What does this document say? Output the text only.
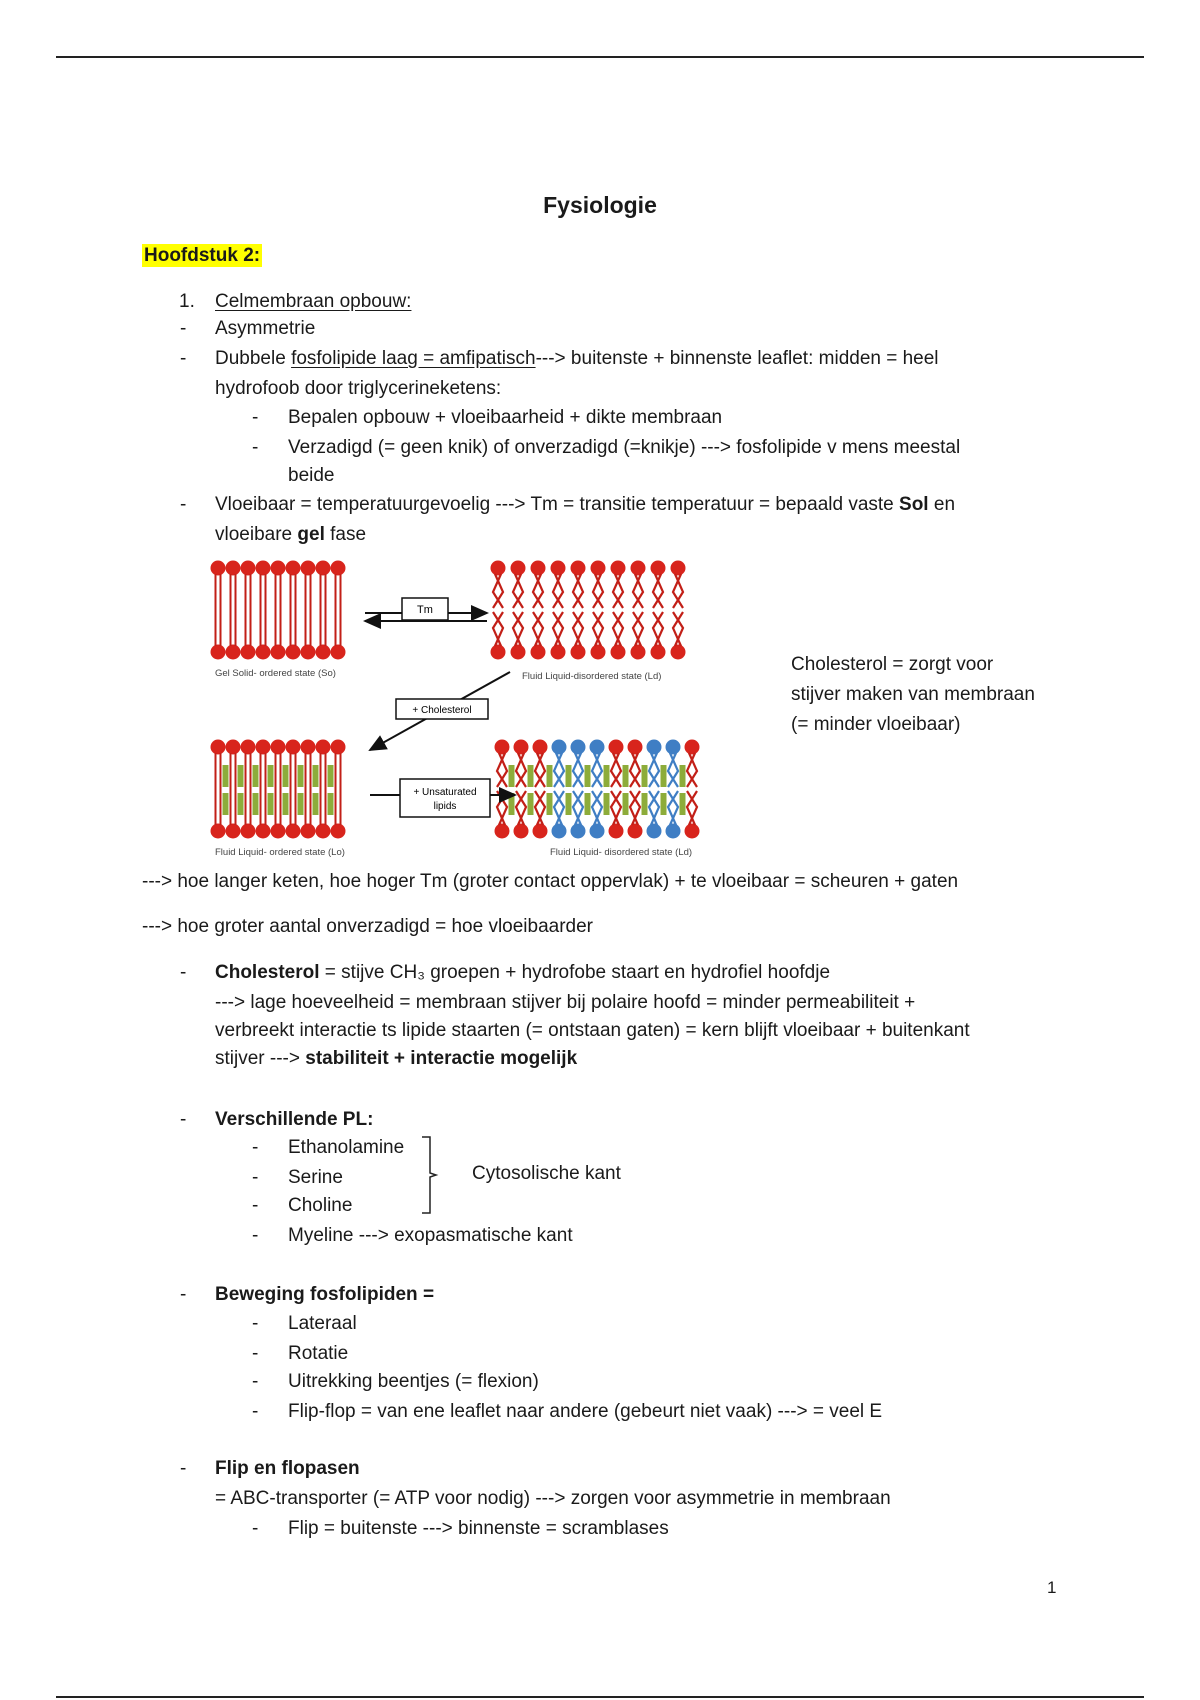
Fysiologie
Hoofdstuk 2:
1. Celmembraan opbouw:
- Asymmetrie
- Dubbele fosfolipide laag = amfipatisch---> buitenste + binnenste leaflet: midden = heel
hydrofoob door triglycerineketens:
- Bepalen opbouw + vloeibaarheid + dikte membraan
- Verzadigd (= geen knik) of onverzadigd (=knikje) ---> fosfolipide v mens meestal
beide
- Vloeibaar = temperatuurgevoelig ---> Tm = transitie temperatuur = bepaald vaste Sol en
vloeibare gel fase
Tm
+ Cholesterol
+ Unsaturated
lipids
Gel Solid- ordered state (So)	Fluid Liquid-disordered state (Ld)
Fluid Liquid- ordered state (Lo)	Fluid Liquid- disordered state (Ld)
Cholesterol = zorgt voor
stijver maken van membraan
(= minder vloeibaar)
---> hoe langer keten, hoe hoger Tm (groter contact oppervlak) + te vloeibaar = scheuren + gaten
---> hoe groter aantal onverzadigd = hoe vloeibaarder
- Cholesterol = stijve CH₃ groepen + hydrofobe staart en hydrofiel hoofdje
---> lage hoeveelheid = membraan stijver bij polaire hoofd = minder permeabiliteit +
verbreekt interactie ts lipide staarten (= ontstaan gaten) = kern blijft vloeibaar + buitenkant
stijver ---> stabiliteit + interactie mogelijk
- Verschillende PL:
- Ethanolamine
- Serine
- Choline
Cytosolische kant
- Myeline ---> exopasmatische kant
- Beweging fosfolipiden =
- Lateraal
- Rotatie
- Uitrekking beentjes (= flexion)
- Flip-flop = van ene leaflet naar andere (gebeurt niet vaak) ---> = veel E
- Flip en flopasen
= ABC-transporter (= ATP voor nodig) ---> zorgen voor asymmetrie in membraan
- Flip = buitenste ---> binnenste = scramblases
1
